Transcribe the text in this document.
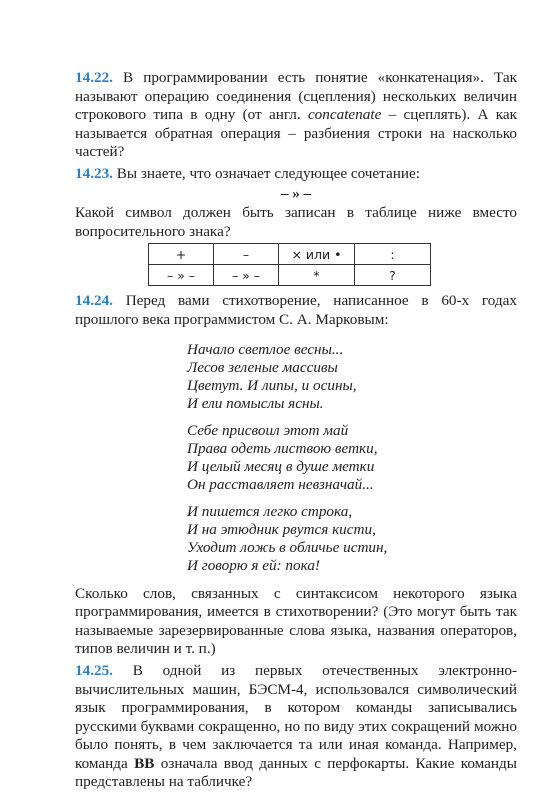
14.22. В программировании есть понятие «конкатенация». Так называют операцию соединения (сцепления) нескольких величин строкового типа в одну (от англ. concatenate – сцеплять). А как называется обратная операция – разбиения строки на насколько частей?

14.23. Вы знаете, что означает следующее сочетание:

– » –

Какой символ должен быть записан в таблице ниже вместо вопросительного знака?

+	–	× или •	:
– » –	– » –	*	?

14.24. Перед вами стихотворение, написанное в 60-х годах прошлого века программистом С. А. Марковым:

Начало светлое весны...
Лесов зеленые массивы
Цветут. И липы, и осины,
И ели помыслы ясны.
Себе присвоил этот май
Права одеть листвою ветки,
И целый месяц в душе метки
Он расставляет невзначай...
И пишется легко строка,
И на этюдник рвутся кисти,
Уходит ложь в обличье истин,
И говорю я ей: пока!

Сколько слов, связанных с синтаксисом некоторого языка программирования, имеется в стихотворении? (Это могут быть так называемые зарезервированные слова языка, названия операторов, типов величин и т. п.)

14.25. В одной из первых отечественных электронно-вычислительных машин, БЭСМ-4, использовался символический язык программирования, в котором команды записывались русскими буквами сокращенно, но по виду этих сокращений можно было понять, в чем заключается та или иная команда. Например, команда ВВ означала ввод данных с перфокарты. Какие команды представлены на табличке?
